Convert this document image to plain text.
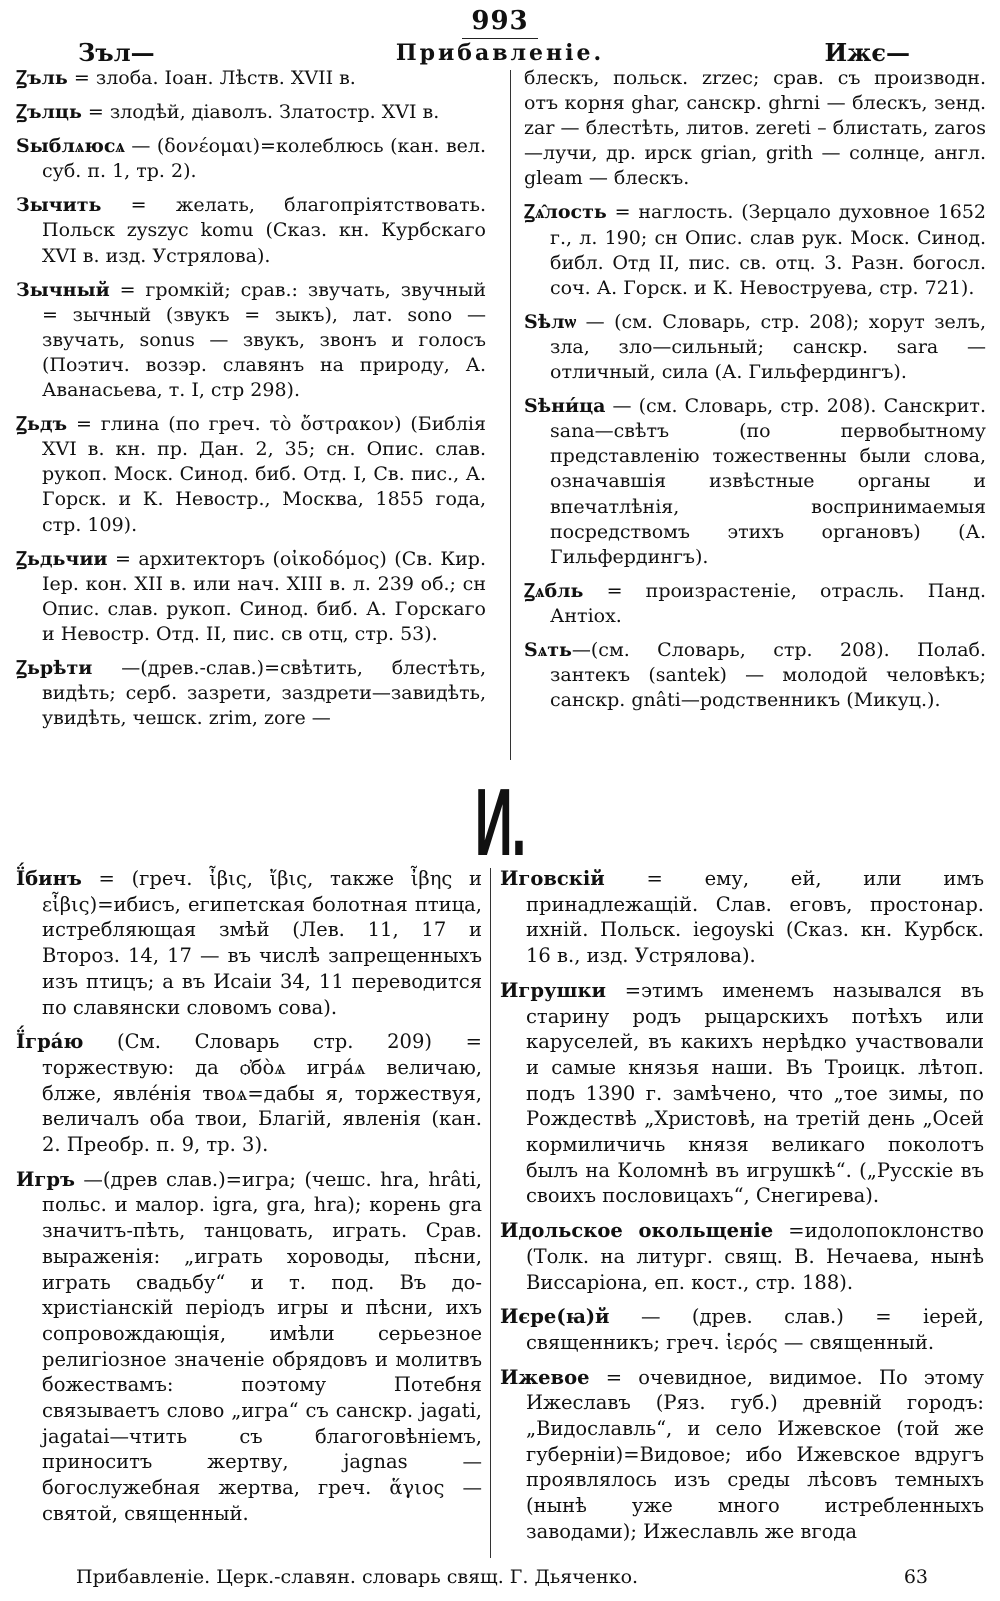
993
Зъл—	Прибавленіе.	Ижє—

Ꙁъль = злоба. Іоан. Лѣств. XVII в.

Ꙁълць = злодѣй, діаволъ. Златостр. XVI в.

Ѕыблѧюсѧ — (δονέομαι)=колеблюсь (кан. вел. суб. п. 1, тр. 2).

Зычить = желать, благопріятствовать. Польск zyszyc komu (Сказ. кн. Курбскаго XVI в. изд. Устрялова).

Зычный = громкій; срав.: звучать, звучный = зычный (звукъ = зыкъ), лат. sono — звучать, sonus — звукъ, звонъ и голосъ (Поэтич. возэр. славянъ на природу, А. Аванасьева, т. I, стр 298).

Ꙁьдъ = глина (по греч. τὸ ὄστρακον) (Библія XVI в. кн. пр. Дан. 2, 35; сн. Опис. слав. рукоп. Моск. Синод. биб. Отд. I, Св. пис., А. Горск. и К. Невостр., Москва, 1855 года, стр. 109).

Ꙁьдьчии = архитекторъ (οἰκοδόμος) (Св. Кир. Іер. кон. XII в. или нач. XIII в. л. 239 об.; сн Опис. слав. рукоп. Синод. биб. А. Горскаго и Невостр. Отд. II, пис. св отц, стр. 53).

Ꙁьрѣти —(древ.-слав.)=свѣтить, блестѣть, видѣть; серб. зазрети, заздрети—завидѣть, увидѣть, чешск. zrim, zore —

блескъ, польск. zrzec; срав. съ производн. отъ корня ghar, санскр. ghrni — блескъ, зенд. zar — блестѣть, литов. zereti – блистать, zaros—лучи, др. ирск grian, grith — солнце, англ. gleam — блескъ.

Ꙁѧ̂лость = наглость. (Зерцало духовное 1652 г., л. 190; сн Опис. слав рук. Моск. Синод. библ. Отд II, пис. св. отц. 3. Разн. богосл. соч. А. Горск. и К. Невоструева, стр. 721).

Ѕѣлѡ — (см. Словарь, стр. 208); хорут зелъ, зла, зло—сильный; санскр. sara — отличный, сила (А. Гильфердингъ).

Ѕѣни́ца — (см. Словарь, стр. 208). Санскрит. sana—свѣтъ (по первобытному представленію тожественны были слова, означавшія извѣстные органы и впечатлѣнія, воспринимаемыя посредствомъ этихъ органовъ) (А. Гильфердингъ).

Ꙁѧбль = произрастеніе, отрасль. Панд. Антіох.

Ѕѧть—(см. Словарь, стр. 208). Полаб. зантекъ (santek) — молодой человѣкъ; санскр. gnâti—родственникъ (Микуц.).

И.

Ї́бинъ = (греч. ἶβις, ἴβις, также ἶβης и εἶβις)=ибисъ, египетская болотная птица, истребляющая змѣй (Лев. 11, 17 и Второз. 14, 17 — въ числѣ запрещенныхъ изъ птицъ; а въ Исаіи 34, 11 переводится по славянски словомъ сова).

Ї́гра́ю (См. Словарь стр. 209) = торжествую: да ѻ҆бо̀ѧ игра́ѧ величаю, блже, явле́нія твоѧ=дабы я, торжествуя, величалъ оба твои, Благій, явленія (кан. 2. Преобр. п. 9, тр. 3).

Игръ —(древ слав.)=игра; (чешс. hra, hrâti, польс. и малор. igra, gra, hra); корень gra значитъ-пѣть, танцовать, играть. Срав. выраженія: „играть хороводы, пѣсни, играть свадьбу“ и т. под. Въ до-христіанскій періодъ игры и пѣсни, ихъ сопровождающія, имѣли серьезное религіозное значеніе обрядовъ и молитвъ божествамъ: поэтому Потебня связываетъ слово „игра“ съ санскр. jagati, jagatai—чтить съ благоговѣніемъ, приноситъ жертву, jagnas — богослужебная жертва, греч. ἅγιος — святой, священный.

Иговскій = ему, ей, или имъ принадлежащій. Слав. еговъ, простонар. ихній. Польск. iegoyski (Сказ. кн. Курбск. 16 в., изд. Устрялова).

Игрушки =этимъ именемъ назывался въ старину родъ рыцарскихъ потѣхъ или каруселей, въ какихъ нерѣдко участвовали и самые князья наши. Въ Троицк. лѣтоп. подъ 1390 г. замѣчено, что „тое зимы, по Рождествѣ „Христовѣ, на третій день „Осей кормиличичь князя великаго поколотъ былъ на Коломнѣ въ игрушкѣ“. („Русскіе въ своихъ пословицахъ“, Снегирева).

Идольское окольщеніе =идолопоклонство (Толк. на литург. свящ. В. Нечаева, нынѣ Виссаріона, еп. кост., стр. 188).

Иєре(ꙗ)й — (древ. слав.) = іерей, священникъ; греч. ἱερός — священный.

Ижевое = очевидное, видимое. По этому Ижеславъ (Ряз. губ.) древній городъ: „Видославль“, и село Ижевское (той же губерніи)=Видовое; ибо Ижевское вдругъ проявлялось изъ среды лѣсовъ темныхъ (нынѣ уже много истребленныхъ заводами); Ижеславль же вгода

Прибавленіе. Церк.-славян. словарь свящ. Г. Дьяченко.	63
